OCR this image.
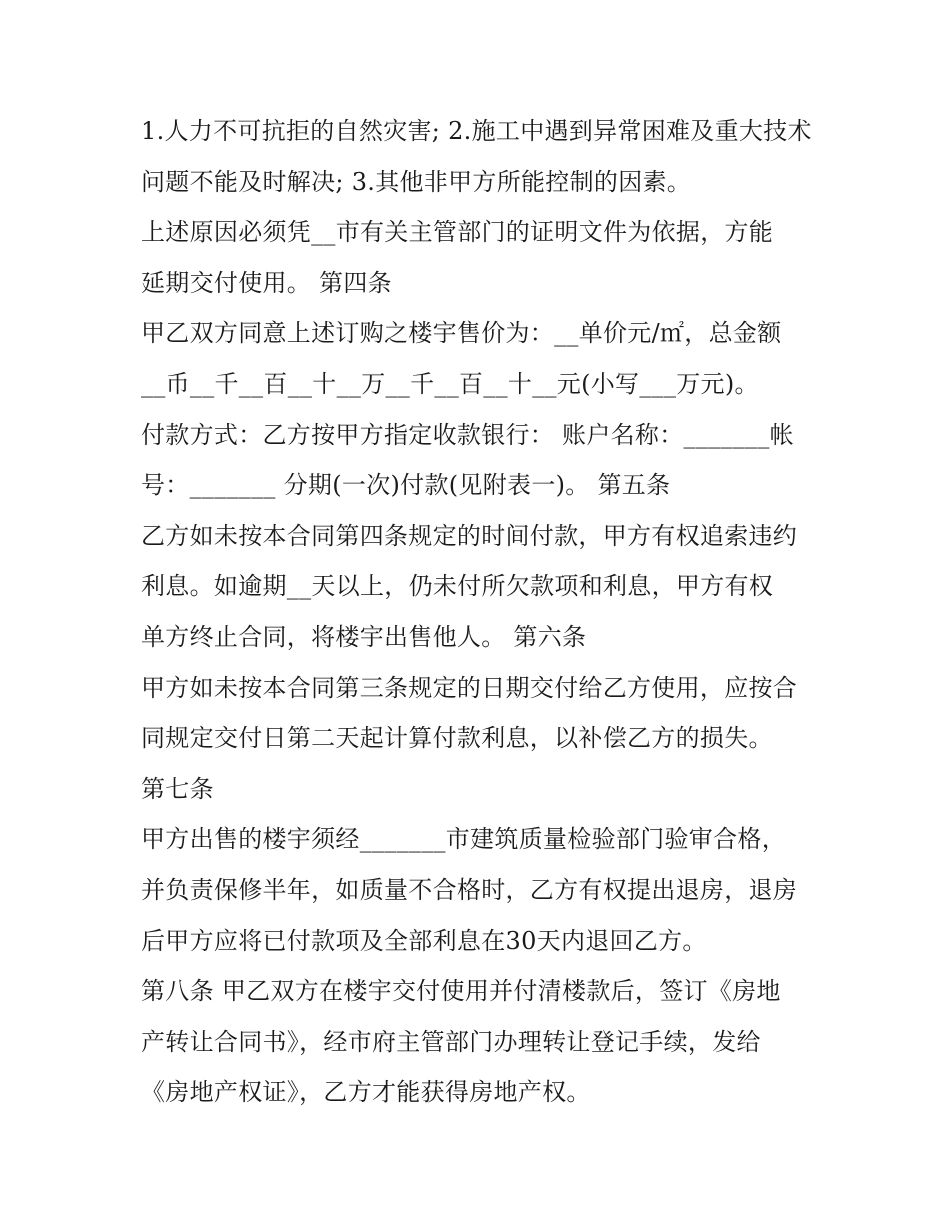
1.人力不可抗拒的自然灾害; 2.施工中遇到异常困难及重大技术
问题不能及时解决; 3.其他非甲方所能控制的因素。
上述原因必须凭__市有关主管部门的证明文件为依据，方能
延期交付使用。 第四条
甲乙双方同意上述订购之楼宇售价为：__单价元/㎡，总金额
__币__千__百__十__万__千__百__十__元(小写___万元)。
付款方式：乙方按甲方指定收款银行： 账户名称：_______帐
号：_______ 分期(一次)付款(见附表一)。 第五条
乙方如未按本合同第四条规定的时间付款，甲方有权追索违约
利息。如逾期__天以上，仍未付所欠款项和利息，甲方有权
单方终止合同，将楼宇出售他人。 第六条
甲方如未按本合同第三条规定的日期交付给乙方使用，应按合
同规定交付日第二天起计算付款利息，以补偿乙方的损失。
第七条
甲方出售的楼宇须经_______市建筑质量检验部门验审合格，
并负责保修半年，如质量不合格时，乙方有权提出退房，退房
后甲方应将已付款项及全部利息在30天内退回乙方。
第八条 甲乙双方在楼宇交付使用并付清楼款后，签订《房地
产转让合同书》，经市府主管部门办理转让登记手续，发给
《房地产权证》，乙方才能获得房地产权。
